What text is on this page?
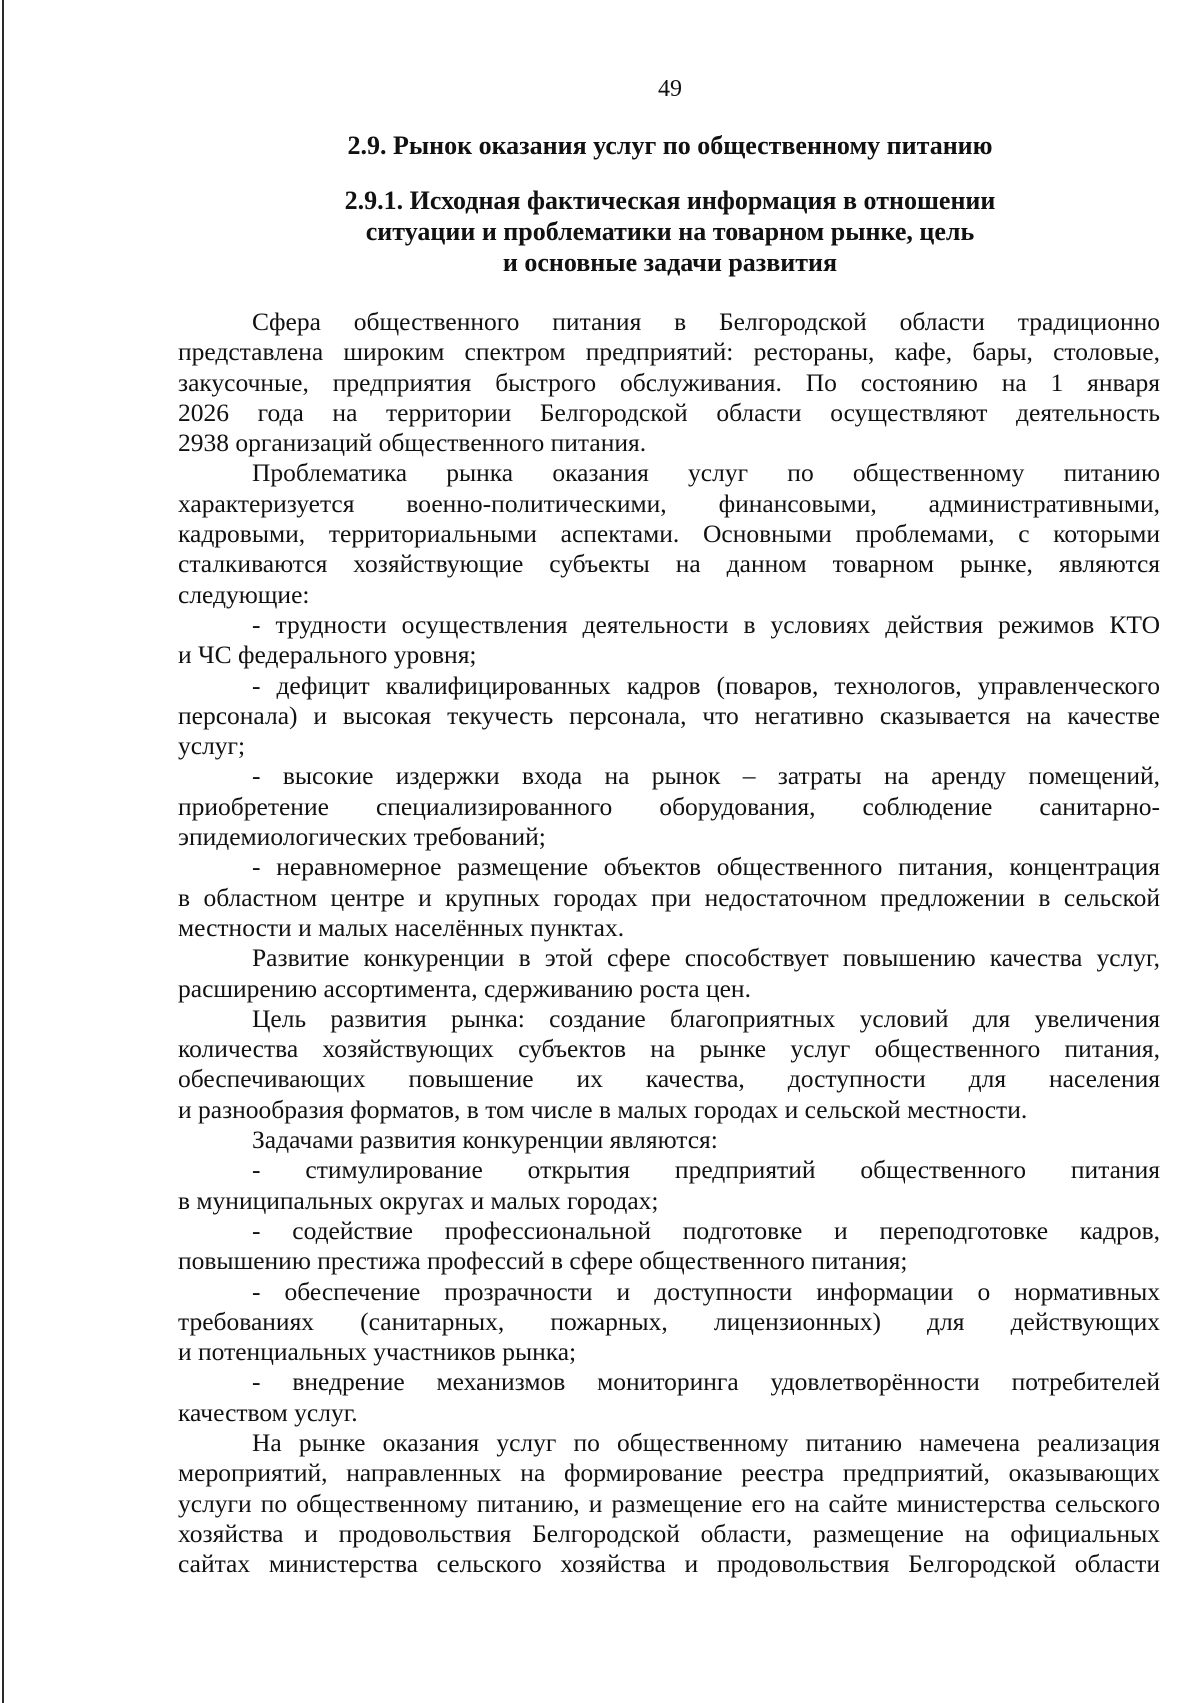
49
2.9. Рынок оказания услуг по общественному питанию
2.9.1. Исходная фактическая информация в отношении
ситуации и проблематики на товарном рынке, цель
и основные задачи развития
Сфера общественного питания в Белгородской области традиционно
представлена широким спектром предприятий: рестораны, кафе, бары, столовые,
закусочные, предприятия быстрого обслуживания. По состоянию на 1 января
2026 года на территории Белгородской области осуществляют деятельность
2938 организаций общественного питания.
Проблематика рынка оказания услуг по общественному питанию
характеризуется военно-политическими, финансовыми, административными,
кадровыми, территориальными аспектами. Основными проблемами, с которыми
сталкиваются хозяйствующие субъекты на данном товарном рынке, являются
следующие:
- трудности осуществления деятельности в условиях действия режимов КТО
и ЧС федерального уровня;
- дефицит квалифицированных кадров (поваров, технологов, управленческого
персонала) и высокая текучесть персонала, что негативно сказывается на качестве
услуг;
- высокие издержки входа на рынок – затраты на аренду помещений,
приобретение специализированного оборудования, соблюдение санитарно-
эпидемиологических требований;
- неравномерное размещение объектов общественного питания, концентрация
в областном центре и крупных городах при недостаточном предложении в сельской
местности и малых населённых пунктах.
Развитие конкуренции в этой сфере способствует повышению качества услуг,
расширению ассортимента, сдерживанию роста цен.
Цель развития рынка: создание благоприятных условий для увеличения
количества хозяйствующих субъектов на рынке услуг общественного питания,
обеспечивающих повышение их качества, доступности для населения
и разнообразия форматов, в том числе в малых городах и сельской местности.
Задачами развития конкуренции являются:
- стимулирование открытия предприятий общественного питания
в муниципальных округах и малых городах;
- содействие профессиональной подготовке и переподготовке кадров,
повышению престижа профессий в сфере общественного питания;
- обеспечение прозрачности и доступности информации о нормативных
требованиях (санитарных, пожарных, лицензионных) для действующих
и потенциальных участников рынка;
- внедрение механизмов мониторинга удовлетворённости потребителей
качеством услуг.
На рынке оказания услуг по общественному питанию намечена реализация
мероприятий, направленных на формирование реестра предприятий, оказывающих
услуги по общественному питанию, и размещение его на сайте министерства сельского
хозяйства и продовольствия Белгородской области, размещение на официальных
сайтах министерства сельского хозяйства и продовольствия Белгородской области
